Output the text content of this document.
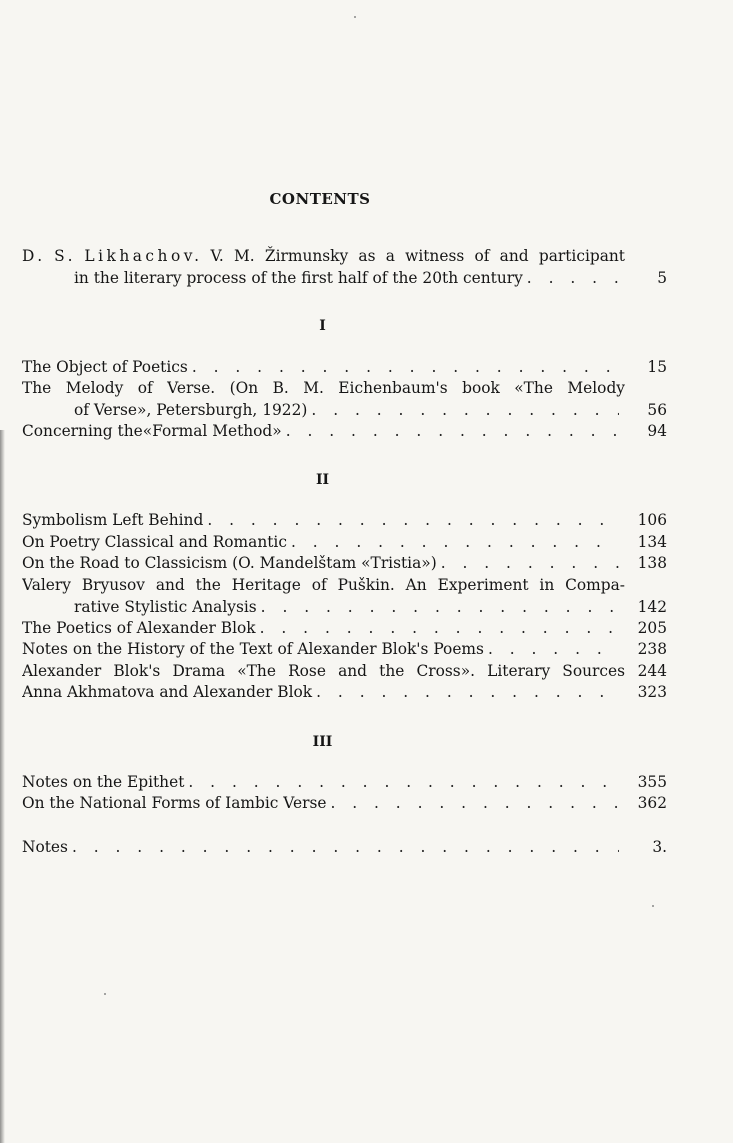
CONTENTS
D. S. Likhachov. V. M. Žirmunsky as a witness of and participant
in the literary process of the first half of the 20th century . . .	5
I
The Object of Poetics . . .	15
The Melody of Verse. (On B. M. Eichenbaum's book «The Melody
of Verse», Petersburgh, 1922) . . .	56
Concerning the«Formal Method» . . .	94
II
Symbolism Left Behind . . .	106
On Poetry Classical and Romantic . . .	134
On the Road to Classicism (O. Mandelštam «Tristia») . . .	138
Valery Bryusov and the Heritage of Puškin. An Experiment in Compa-
rative Stylistic Analysis . . .	142
The Poetics of Alexander Blok . . .	205
Notes on the History of the Text of Alexander Blok's Poems . . .	238
Alexander Blok's Drama «The Rose and the Cross». Literary Sources 244
Anna Akhmatova and Alexander Blok . . .	323
III
Notes on the Epithet . . .	355
On the National Forms of Iambic Verse . . .	362
Notes . . .	3.
